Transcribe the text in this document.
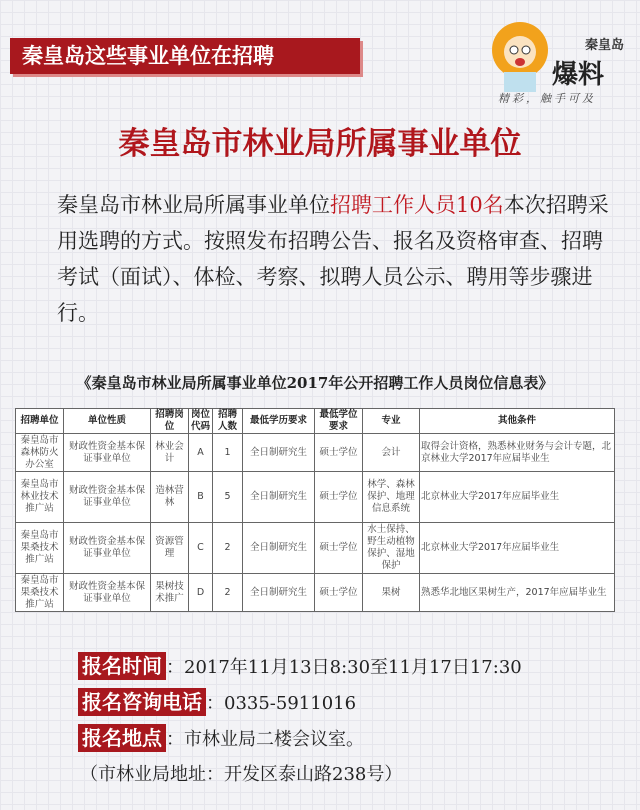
秦皇岛这些事业单位在招聘	秦皇岛
爆料
精彩，触手可及
秦皇岛市林业局所属事业单位
秦皇岛市林业局所属事业单位招聘工作人员10名本次招聘采用选聘的方式。按照发布招聘公告、报名及资格审查、招聘考试（面试）、体检、考察、拟聘人员公示、聘用等步骤进行。
《秦皇岛市林业局所属事业单位2017年公开招聘工作人员岗位信息表》
招聘单位	单位性质	招聘岗位	岗位代码	招聘人数	最低学历要求	最低学位要求	专业	其他条件
秦皇岛市森林防火办公室	财政性资金基本保证事业单位	林业会计	A	1	全日制研究生	硕士学位	会计	取得会计资格，熟悉林业财务与会计专题，北京林业大学2017年应届毕业生
秦皇岛市林业技术推广站	财政性资金基本保证事业单位	造林营林	B	5	全日制研究生	硕士学位	林学、森林保护、地理信息系统	北京林业大学2017年应届毕业生
秦皇岛市果桑技术推广站	财政性资金基本保证事业单位	资源管理	C	2	全日制研究生	硕士学位	水土保持、野生动植物保护、湿地保护	北京林业大学2017年应届毕业生
秦皇岛市果桑技术推广站	财政性资金基本保证事业单位	果树技术推广	D	2	全日制研究生	硕士学位	果树	熟悉华北地区果树生产，2017年应届毕业生
报名时间 ：2017年11月13日8:30至11月17日17:30
报名咨询电话 ：0335-5911016
报名地点 ：市林业局二楼会议室。
（市林业局地址：开发区泰山路238号）
